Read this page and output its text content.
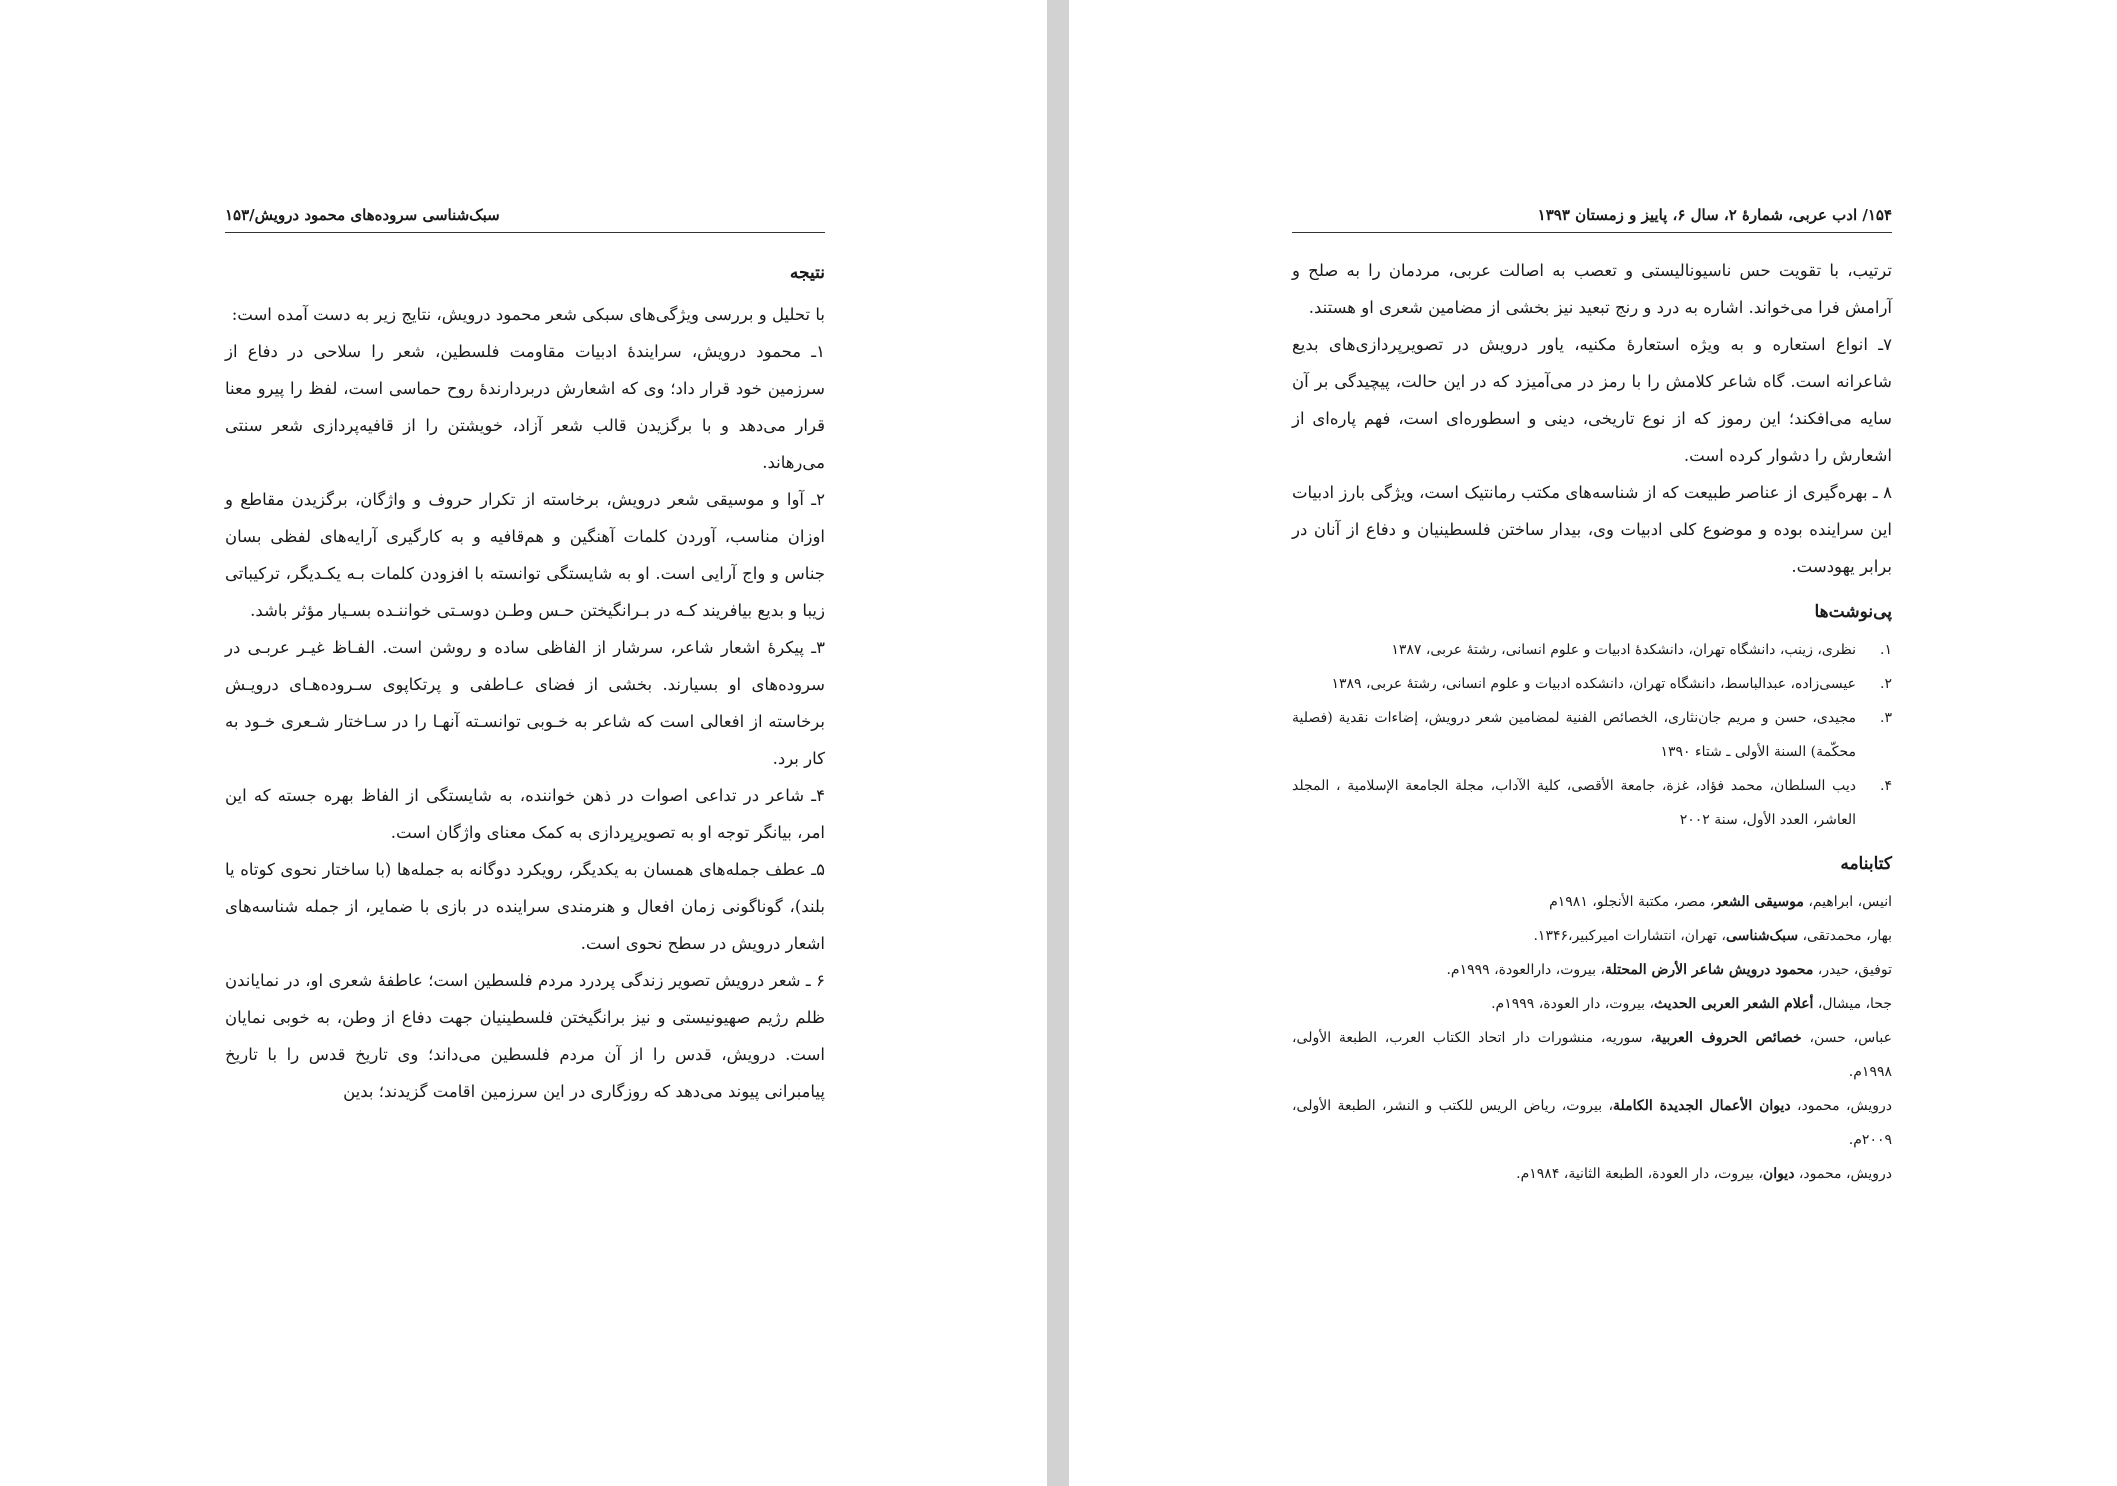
سبک‌شناسی سروده‌های محمود درویش/۱۵۳
نتیجه

با تحلیل و بررسی ویژگی‌های سبکی شعر محمود درویش، نتایج زیر به دست آمده است:

۱ـ محمود درویش، سرایندهٔ ادبیات مقاومت فلسطین، شعر را سلاحی در دفاع از سرزمین خود قرار داد؛ وی که اشعارش دربردارندهٔ روح حماسی است، لفظ را پیرو معنا قرار می‌دهد و با برگزیدن قالب شعر آزاد، خویشتن را از قافیه‌پردازی شعر سنتی می‌رهاند.

۲ـ آوا و موسیقی شعر درویش، برخاسته از تکرار حروف و واژگان، برگزیدن مقاطع و اوزان مناسب، آوردن کلمات آهنگین و هم‌قافیه و به کارگیری آرایه‌های لفظی بسان جناس و واج آرایی است. او به شایستگی توانسته با افزودن کلمات بـه یکـدیگر، ترکیباتی زیبا و بدیع بیافریند کـه در بـرانگیختن حـس وطـن دوسـتی خواننـده بسـیار مؤثر باشد.

۳ـ پیکرهٔ اشعار شاعر، سرشار از الفاظی ساده و روشن است. الفـاظ غیـر عربـی در سروده‌های او بسیارند. بخشی از فضای عـاطفی و پرتکاپوی سـروده‌هـای درویـش برخاسته از افعالی است که شاعر به خـوبی توانسـته آنهـا را در سـاختار شـعری خـود به کار برد.

۴ـ شاعر در تداعی اصوات در ذهن خواننده، به شایستگی از الفاظ بهره جسته که این امر، بیانگر توجه او به تصویرپردازی به کمک معنای واژگان است.

۵ـ عطف جمله‌های همسان به یکدیگر، رویکرد دوگانه به جمله‌ها (با ساختار نحوی کوتاه یا بلند)، گوناگونی زمان افعال و هنرمندی سراینده در بازی با ضمایر، از جمله شناسه‌های اشعار درویش در سطح نحوی است.

۶ ـ شعر درویش تصویر زندگی پردرد مردم فلسطین است؛ عاطفهٔ شعری او، در نمایاندن ظلم رژیم صهیونیستی و نیز برانگیختن فلسطینیان جهت دفاع از وطن، به خوبی نمایان است. درویش، قدس را از آن مردم فلسطین می‌داند؛ وی تاریخ قدس را با تاریخ پیامبرانی پیوند می‌دهد که روزگاری در این سرزمین اقامت گزیدند؛ بدین

۱۵۴/ ادب عربی، شمارهٔ ۲، سال ۶، پاییز و زمستان ۱۳۹۳

ترتیب، با تقویت حس ناسیونالیستی و تعصب به اصالت عربی، مردمان را به صلح و آرامش فرا می‌خواند. اشاره به درد و رنج تبعید نیز بخشی از مضامین شعری او هستند.

۷ـ انواع استعاره و به ویژه استعارهٔ مکنیه، یاور درویش در تصویرپردازی‌های بدیع شاعرانه است. گاه شاعر کلامش را با رمز در می‌آمیزد که در این حالت، پیچیدگی بر آن سایه می‌افکند؛ این رموز که از نوع تاریخی، دینی و اسطوره‌ای است، فهم پاره‌ای از اشعارش را دشوار کرده است.

۸ ـ بهره‌گیری از عناصر طبیعت که از شناسه‌های مکتب رمانتیک است، ویژگی بارز ادبیات این سراینده بوده و موضوع کلی ادبیات وی، بیدار ساختن فلسطینیان و دفاع از آنان در برابر یهودست.

پی‌نوشت‌ها
۱.
نظری، زینب، دانشگاه تهران، دانشکدهٔ ادبیات و علوم انسانی، رشتهٔ عربی، ۱۳۸۷
۲.
عیسی‌زاده، عبدالباسط، دانشگاه تهران، دانشکده ادبیات و علوم انسانی، رشتهٔ عربی، ۱۳۸۹
۳.
مجیدی، حسن و مریم جان‌نثاری، الخصائص الفنیة لمضامین شعر درویش، إضاءات نقدیة (فصلیة محکّمة) السنة الأولی ـ شتاء ۱۳۹۰
۴.
دیب السلطان، محمد فؤاد، غزة، جامعة الأقصی، کلیة الآداب، مجلة الجامعة الإسلامیة ، المجلد العاشر، العدد الأول، سنة ۲۰۰۲
کتابنامه
انیس، ابراهیم، موسیقی الشعر، مصر، مکتبة الأنجلو، ۱۹۸۱م
بهار، محمدتقی، سبک‌شناسی، تهران، انتشارات امیرکبیر،۱۳۴۶.
توفیق، حیدر، محمود درویش شاعر الأرض المحتلة، بیروت، دارالعودة، ۱۹۹۹م.
جحا، میشال، أعلام الشعر العربی الحدیث، بیروت، دار العودة، ۱۹۹۹م.
عباس، حسن، خصائص الحروف العربیة، سوریه، منشورات دار اتحاد الکتاب العرب، الطبعة الأولی، ۱۹۹۸م.
درویش، محمود، دیوان الأعمال الجدیدة الکاملة، بیروت، ریاض الریس للکتب و النشر، الطبعة الأولی، ۲۰۰۹م.
درویش، محمود، دیوان، بیروت، دار العودة، الطبعة الثانیة، ۱۹۸۴م.
